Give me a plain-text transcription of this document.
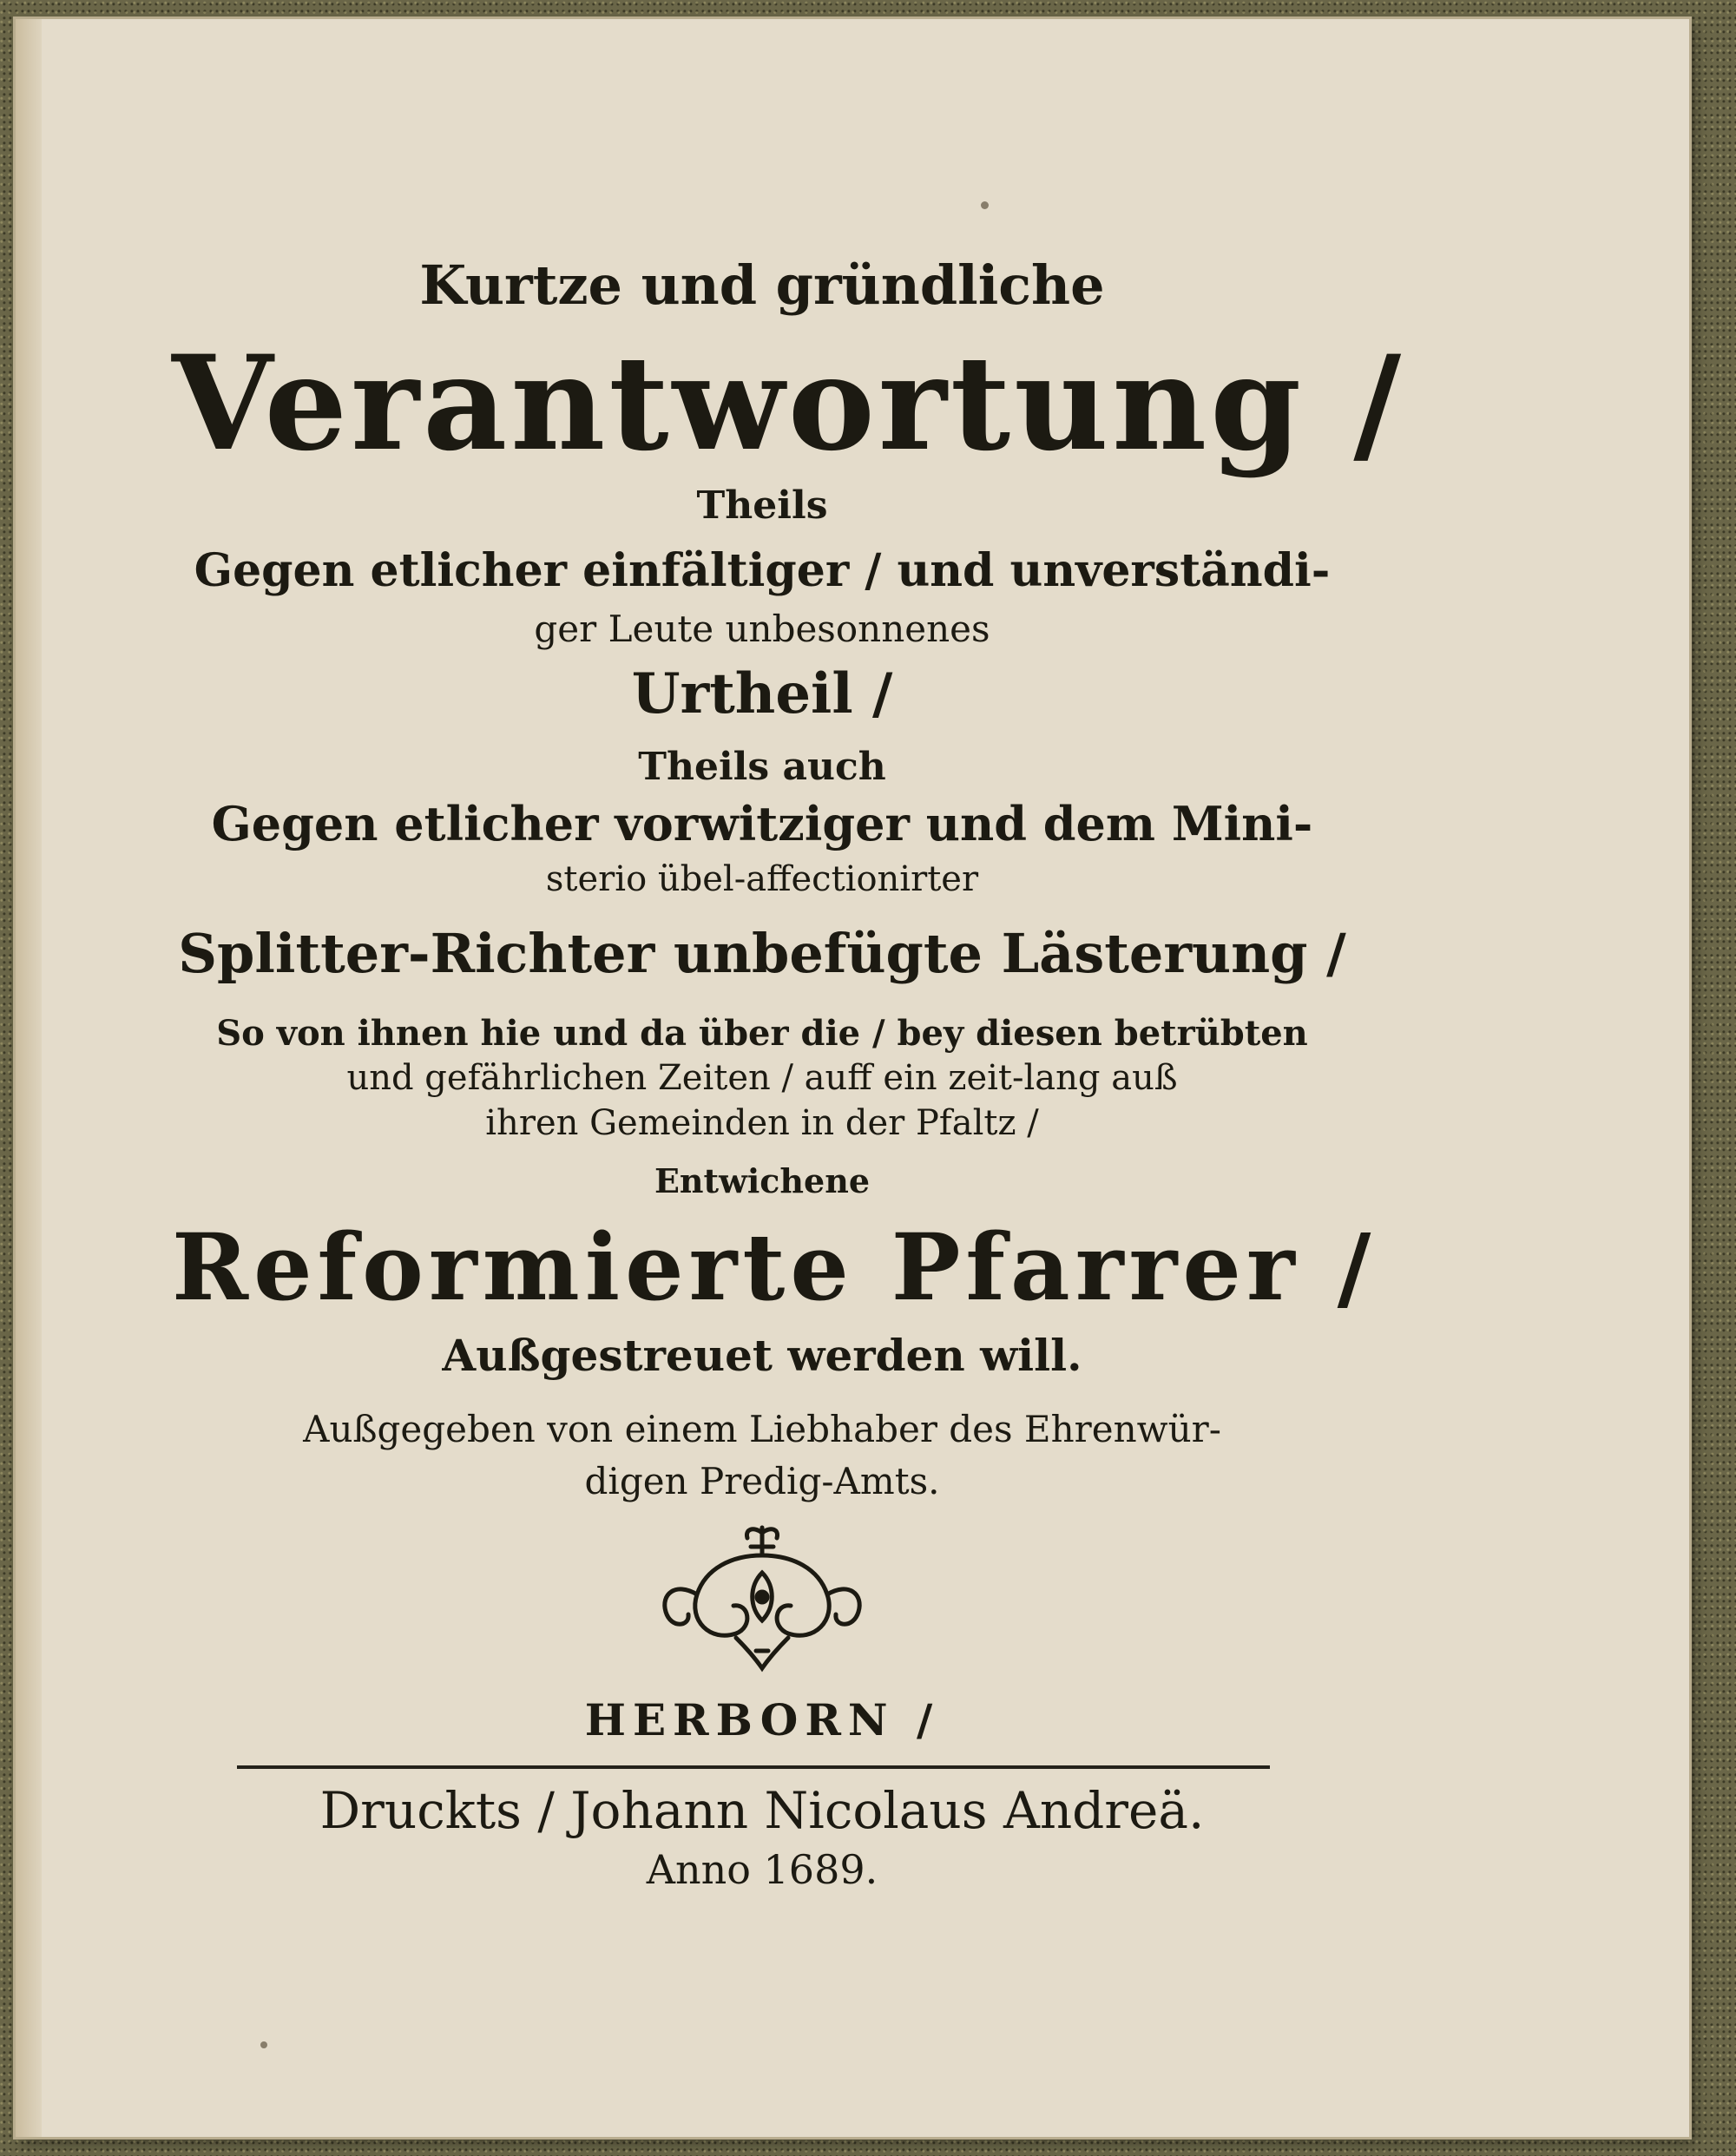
Kurtze und gründliche
Verantwortung /
Theils
Gegen etlicher einfältiger / und unverständi-
ger Leute unbesonnenes
Urtheil /
Theils auch
Gegen etlicher vorwitziger und dem Mini-
sterio übel-affectionirter
Splitter-Richter unbefügte Lästerung /
So von ihnen hie und da über die / bey diesen betrübten
und gefährlichen Zeiten / auff ein zeit-lang auß
ihren Gemeinden in der Pfaltz /
Entwichene
Reformierte Pfarrer /
Außgestreuet werden will.
Außgegeben von einem Liebhaber des Ehrenwür-
digen Predig-Amts.
HERBORN /
Druckts / Johann Nicolaus Andreä.
Anno 1689.
